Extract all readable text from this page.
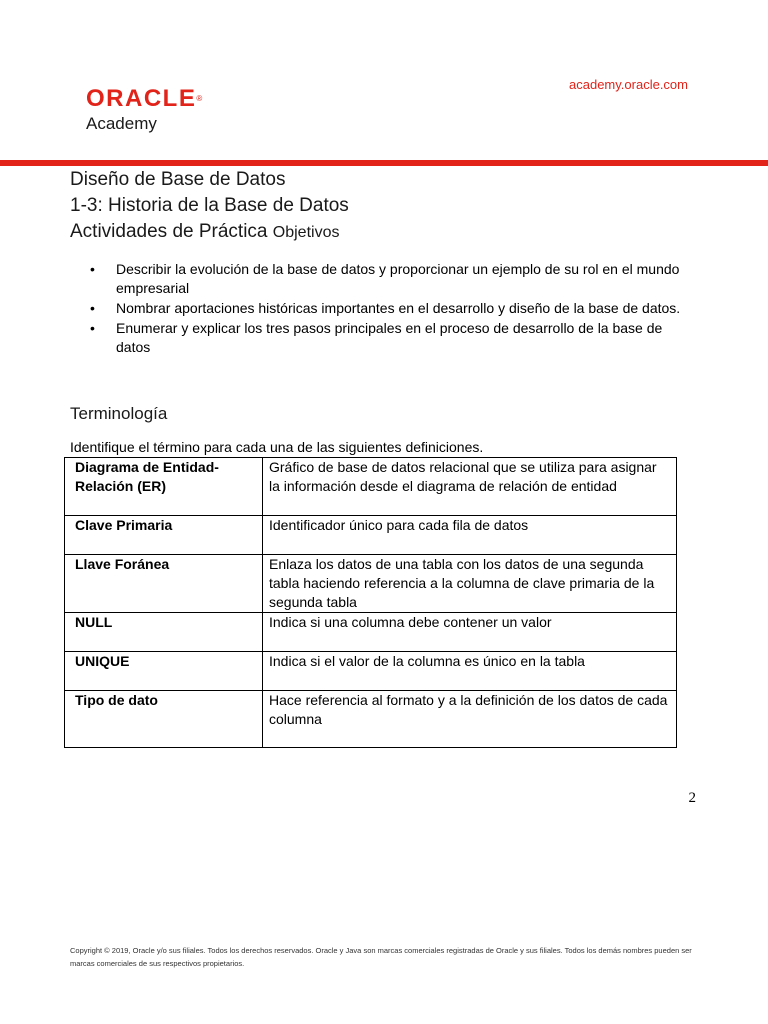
ORACLE®
Academy
academy.oracle.com
Diseño de Base de Datos
1-3: Historia de la Base de Datos
Actividades de Práctica Objetivos
• Describir la evolución de la base de datos y proporcionar un ejemplo de su rol en el mundo empresarial
• Nombrar aportaciones históricas importantes en el desarrollo y diseño de la base de datos.
• Enumerar y explicar los tres pasos principales en el proceso de desarrollo de la base de datos
Terminología
Identifique el término para cada una de las siguientes definiciones.
Diagrama de Entidad-Relación (ER)	Gráfico de base de datos relacional que se utiliza para asignar la información desde el diagrama de relación de entidad
Clave Primaria	Identificador único para cada fila de datos
Llave Foránea	Enlaza los datos de una tabla con los datos de una segunda tabla haciendo referencia a la columna de clave primaria de la segunda tabla
NULL	Indica si una columna debe contener un valor
UNIQUE	Indica si el valor de la columna es único en la tabla
Tipo de dato	Hace referencia al formato y a la definición de los datos de cada columna
2
Copyright © 2019, Oracle y/o sus filiales. Todos los derechos reservados. Oracle y Java son marcas comerciales registradas de Oracle y sus filiales. Todos los demás nombres pueden ser marcas comerciales de sus respectivos propietarios.
